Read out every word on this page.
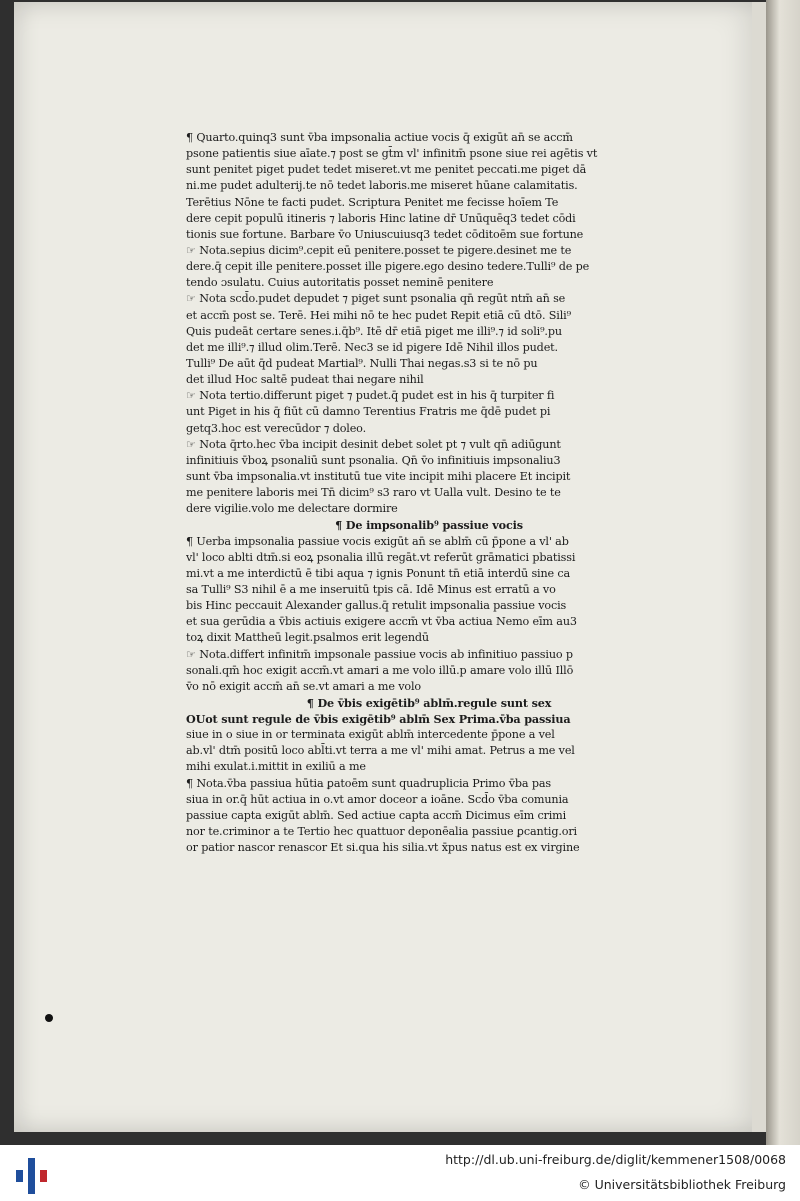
¶ Quarto.quinq3 sunt v̄ba impsonalia actiue vocis q̄ exigūt an̄ se accm̄
psone patientis siue aīate.⁊ post se gt̄m vl' infinitm̄ psone siue rei agētis vt
sunt penitet piget pudet tedet miseret.vt me penitet peccati.me piget dā
ni.me pudet adulterij.te nō tedet laboris.me miseret hūane calamitatis.
Terētius Nōne te facti pudet. Scriptura Penitet me fecisse hoīem Te
dere cepit populū itineris ⁊ laboris Hinc latine dr̄ Unūquēq3 tedet cōdi
tionis sue fortune. Barbare v̄o Uniuscuiusq3 tedet cōditoēm sue fortune
☞ Nota.sepius dicim⁹.cepit eū penitere.posset te pigere.desinet me te
dere.q̄ cepit ille penitere.posset ille pigere.ego desino tedere.Tulli⁹ de pe
tendo ɔsulatu. Cuius autoritatis posset neminē penitere
☞ Nota scd̄o.pudet depudet ⁊ piget sunt psonalia qn̄ regūt ntm̄ an̄ se
et accm̄ post se. Terē. Hei mihi nō te hec pudet Repit etiā cū dtō. Sili⁹
Quis pudeāt certare senes.i.q̄b⁹. Itē dr̄ etiā piget me illi⁹.⁊ id soli⁹.pu
det me illi⁹.⁊ illud olim.Terē. Nec3 se id pigere Idē Nihil illos pudet.
Tulli⁹ De aūt q̄d pudeat Martial⁹. Nulli Thai negas.s3 si te nō pu
det illud Hoc saltē pudeat thai negare nihil
☞ Nota tertio.differunt piget ⁊ pudet.q̄ pudet est in his q̄ turpiter fi
unt Piget in his q̄ fiūt cū damno Terentius Fratris me q̄dē pudet pi
getq3.hoc est verecūdor ⁊ doleo.
☞ Nota q̄rto.hec v̄ba incipit desinit debet solet pt ⁊ vult qn̄ adiūgunt
infinitiuis v̄boꝝ psonaliū sunt psonalia. Qn̄ v̄o infinitiuis impsonaliu3
sunt v̄ba impsonalia.vt institutū tue vite incipit mihi placere Et incipit
me penitere laboris mei Tn̄ dicim⁹ s3 raro vt Ualla vult. Desino te te
dere vigilie.volo me delectare dormire
¶ De impsonalib⁹ passiue vocis
¶ Uerba impsonalia passiue vocis exigūt an̄ se ablm̄ cū p̄pone a vl' ab
vl' loco ablti dtm̄.si eoꝝ psonalia illū regāt.vt referūt grāmatici pbatissi
mi.vt a me interdictū ē tibi aqua ⁊ ignis Ponunt tn̄ etiā interdū sine ca
sa Tulli⁹ S3 nihil ē a me inseruitū tpis cā. Idē Minus est erratū a vo
bis Hinc peccauit Alexander gallus.q̄ retulit impsonalia passiue vocis
et sua gerūdia a v̄bis actiuis exigere accm̄ vt v̄ba actiua Nemo eīm au3
toꝝ dixit Mattheū legit.psalmos erit legendū
☞ Nota.differt infinitm̄ impsonale passiue vocis ab infinitiuo passiuo p
sonali.qm̄ hoc exigit accm̄.vt amari a me volo illū.p amare volo illū Illō
v̄o nō exigit accm̄ an̄ se.vt amari a me volo
¶ De v̄bis exigētib⁹ ablm̄.regule sunt sex
OUot sunt regule de v̄bis exigētib⁹ ablm̄ Sex Prima.v̄ba passiua
siue in o siue in or terminata exigūt ablm̄ intercedente p̄pone a vel
ab.vl' dtm̄ positū loco abl̄ti.vt terra a me vl' mihi amat. Petrus a me vel
mihi exulat.i.mittit in exiliū a me
¶ Nota.v̄ba passiua hūtia ꝑatoēm sunt quadruplicia Primo v̄ba pas
siua in or.q̄ hūt actiua in o.vt amor doceor a ioāne. Scd̄o v̄ba comunia
passiue capta exigūt ablm̄. Sed actiue capta accm̄ Dicimus eīm crimi
nor te.criminor a te Tertio hec quattuor deponēalia passiue ꝑcantig.ori
or patior nascor renascor Et si.qua his silia.vt x̄pus natus est ex virgine
http://dl.ub.uni-freiburg.de/diglit/kemmener1508/0068
© Universitätsbibliothek Freiburg
